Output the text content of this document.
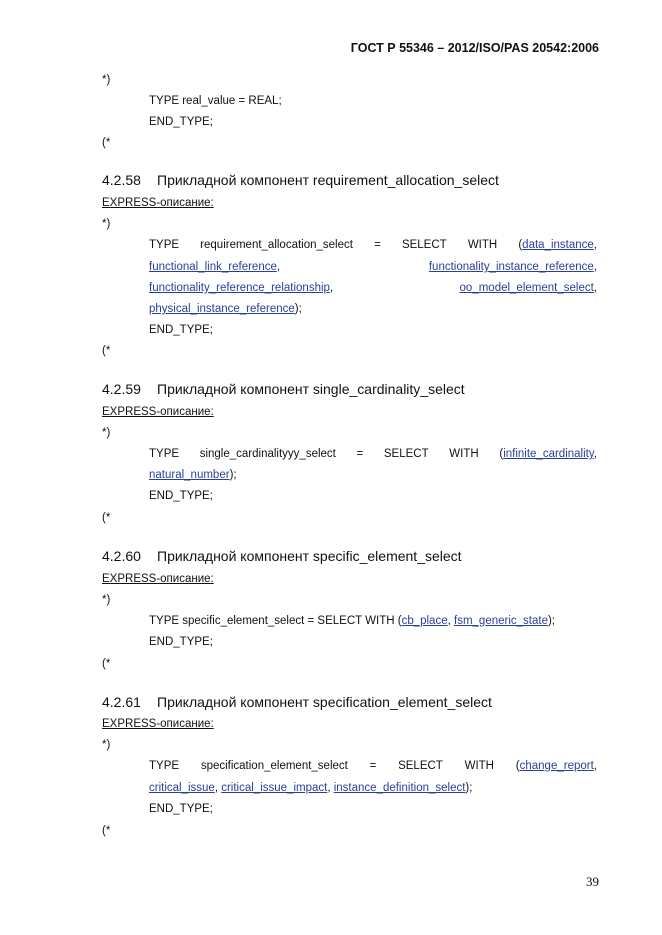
ГОСТ Р 55346 – 2012/ISO/PAS 20542:2006
*)
TYPE real_value = REAL;
END_TYPE;
(*
4.2.58 Прикладной компонент requirement_allocation_select
EXPRESS-описание:
*)
TYPE requirement_allocation_select = SELECT WITH (data_instance,
functional_link_reference,	functionality_instance_reference,
functionality_reference_relationship,	oo_model_element_select,
physical_instance_reference);
END_TYPE;
(*
4.2.59 Прикладной компонент single_cardinality_select
EXPRESS-описание:
*)
TYPE single_cardinalityyy_select = SELECT WITH (infinite_cardinality,
natural_number);
END_TYPE;
(*
4.2.60 Прикладной компонент specific_element_select
EXPRESS-описание:
*)
TYPE specific_element_select = SELECT WITH (cb_place, fsm_generic_state);
END_TYPE;
(*
4.2.61 Прикладной компонент specification_element_select
EXPRESS-описание:
*)
TYPE specification_element_select = SELECT WITH (change_report,
critical_issue, critical_issue_impact, instance_definition_select);
END_TYPE;
(*
39
